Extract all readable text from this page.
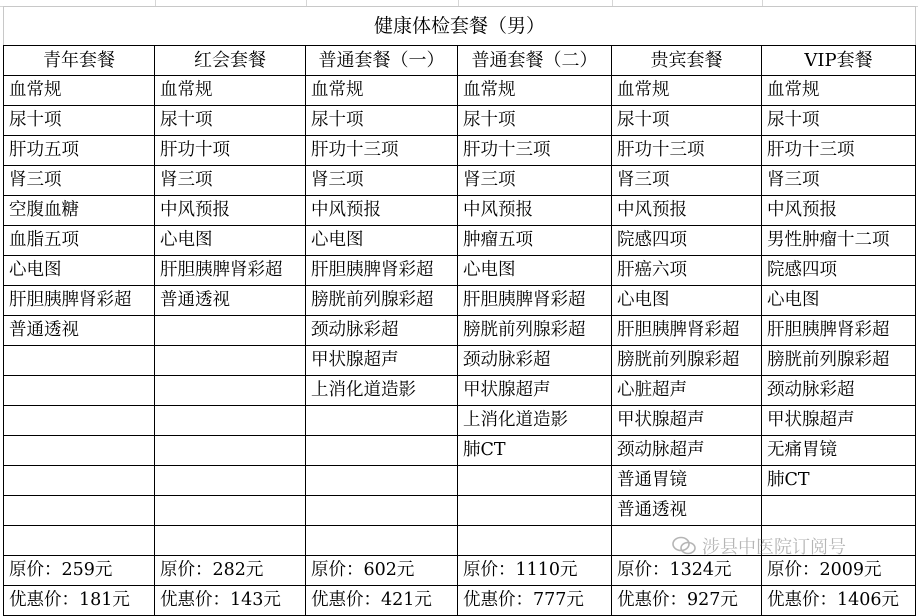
健康体检套餐（男）					
青年套餐	红会套餐	普通套餐（一）	普通套餐（二）	贵宾套餐	VIP套餐
血常规	血常规	血常规	血常规	血常规	血常规
尿十项	尿十项	尿十项	尿十项	尿十项	尿十项
肝功五项	肝功十项	肝功十三项	肝功十三项	肝功十三项	肝功十三项
肾三项	肾三项	肾三项	肾三项	肾三项	肾三项
空腹血糖	中风预报	中风预报	中风预报	中风预报	中风预报
血脂五项	心电图	心电图	肿瘤五项	院感四项	男性肿瘤十二项
心电图	肝胆胰脾肾彩超	肝胆胰脾肾彩超	心电图	肝癌六项	院感四项
肝胆胰脾肾彩超	普通透视	膀胱前列腺彩超	肝胆胰脾肾彩超	心电图	心电图
普通透视		颈动脉彩超	膀胱前列腺彩超	肝胆胰脾肾彩超	肝胆胰脾肾彩超
		甲状腺超声	颈动脉彩超	膀胱前列腺彩超	膀胱前列腺彩超
		上消化道造影	甲状腺超声	心脏超声	颈动脉彩超
			上消化道造影	甲状腺超声	甲状腺超声
			肺CT	颈动脉超声	无痛胃镜
				普通胃镜	肺CT
				普通透视	

原价：259元	原价：282元	原价：602元	原价：1110元	原价：1324元	原价：2009元
优惠价：181元	优惠价：143元	优惠价：421元	优惠价：777元	优惠价：927元	优惠价：1406元
涉县中医院订阅号
